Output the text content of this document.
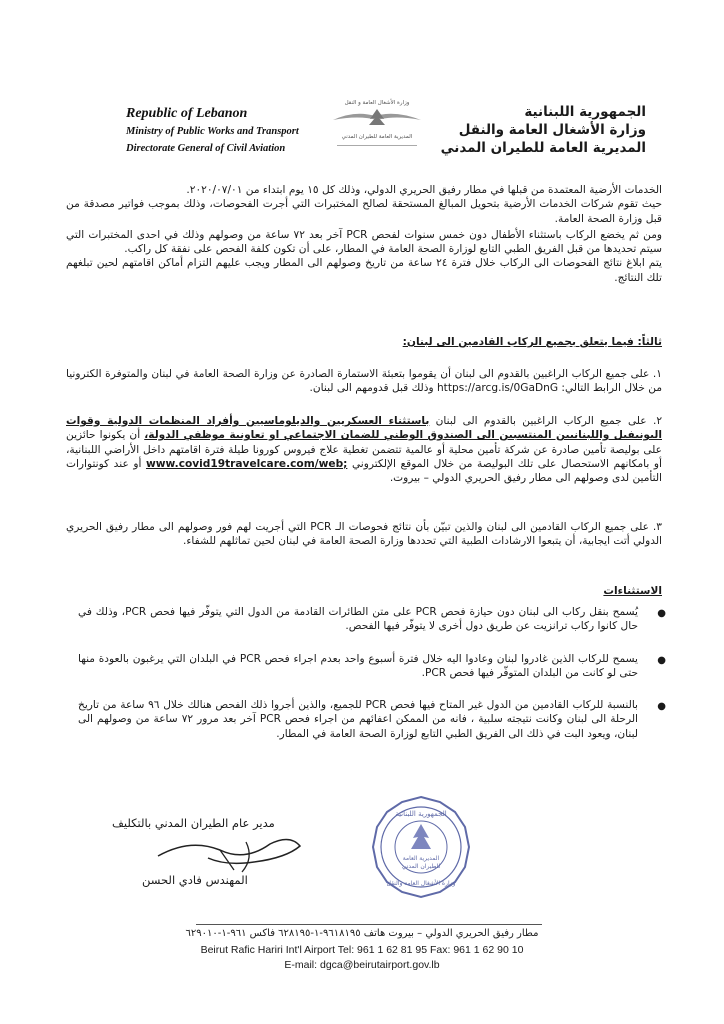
Republic of Lebanon
Ministry of Public Works and Transport
Directorate General of Civil Aviation
الجمهورية اللبنانية
وزارة الأشغال العامة والنقل
المديرية العامة للطيران المدني
وزارة الأشغال العامة و النقل
المديرية العامة للطيران المدني

الخدمات الأرضية المعتمدة من قبلها في مطار رفيق الحريري الدولي، وذلك كل ١٥ يوم ابتداء من ٢٠٢٠/٠٧/٠١.

حيث تقوم شركات الخدمات الأرضية بتحويل المبالغ المستحقة لصالح المختبرات التي أجرت الفحوصات، وذلك بموجب فواتير مصدقة من قبل وزارة الصحة العامة.

ومن ثم يخضع الركاب باستثناء الأطفال دون خمس سنوات لفحص PCR آخر بعد ٧٢ ساعة من وصولهم وذلك في احدى المختبرات التي سيتم تحديدها من قبل الفريق الطبي التابع لوزارة الصحة العامة في المطار، على أن تكون كلفة الفحص على نفقة كل راكب.

يتم ابلاغ نتائج الفحوصات الى الركاب خلال فترة ٢٤ ساعة من تاريخ وصولهم الى المطار ويجب عليهم التزام أماكن اقامتهم لحين تبلغهم تلك النتائج.

ثالثاً: فيما يتعلق بجميع الركاب القادمين الى لبنان:

١. على جميع الركاب الراغبين بالقدوم الى لبنان أن يقوموا بتعبئة الاستمارة الصادرة عن وزارة الصحة العامة في لبنان والمتوفرة الكترونيا من خلال الرابط التالي: https://arcg.is/0GaDnG وذلك قبل قدومهم الى لبنان.

٢. على جميع الركاب الراغبين بالقدوم الى لبنان باستثناء العسكريين والديلوماسيين وأفراد المنظمات الدولية وقوات اليونيفيل واللبنانيين المنتسبين الى الصندوق الوطني للضمان الاجتماعي او تعاونية موظفي الدولة، أن يكونوا حائزين على بوليصة تأمين صادرة عن شركة تأمين محلية أو عالمية تتضمن تغطية علاج فيروس كورونا طيلة فترة اقامتهم داخل الأراضي اللبنانية، أو بامكانهم الاستحصال على تلك البوليصة من خلال الموقع الإلكتروني www.covid19travelcare.com/web; أو عند كونتوارات التأمين لدى وصولهم الى مطار رفيق الحريري الدولي – بيروت.

٣. على جميع الركاب القادمين الى لبنان والذين تبيّن بأن نتائج فحوصات الـ PCR التي أجريت لهم فور وصولهم الى مطار رفيق الحريري الدولي أتت ايجابية، أن يتبعوا الارشادات الطبية التي تحددها وزارة الصحة العامة في لبنان لحين تماثلهم للشفاء.

الاستثناءات
●

يُسمح بنقل ركاب الى لبنان دون حيازة فحص PCR على متن الطائرات القادمة من الدول التي يتوفّر فيها فحص PCR، وذلك في حال كانوا ركاب ترانزيت عن طريق دول أخرى لا يتوفّر فيها الفحص.

●

يسمح للركاب الذين غادروا لبنان وعادوا اليه خلال فترة أسبوع واحد بعدم اجراء فحص PCR في البلدان التي يرغبون بالعودة منها حتى لو كانت من البلدان المتوفّر فيها فحص PCR.

●

بالنسبة للركاب القادمين من الدول غير المتاح فيها فحص PCR للجميع، والذين أجروا ذلك الفحص هنالك خلال ٩٦ ساعة من تاريخ الرحلة الى لبنان وكانت نتيجته سلبية ، فانه من الممكن اعفائهم من اجراء فحص PCR آخر بعد مرور ٧٢ ساعة من وصولهم الى لبنان، ويعود البت في ذلك الى الفريق الطبي التابع لوزارة الصحة العامة في المطار.

مدير عام الطيران المدني بالتكليف
المهندس فادي الحسن
المديرية العامة
للطيران المدني
الجمهورية اللبنانية
وزارة الأشغال العامة والنقل
مطار رفيق الحريري الدولي – بيروت هاتف ٩٦١٨١٩٥-١-٦٢٨١٩٥ فاكس ٩٦١-١-٦٢٩٠١٠
Beirut Rafic Hariri Int'l Airport Tel: 961 1 62 81 95 Fax: 961 1 62 90 10
E-mail: dgca@beirutairport.gov.lb
